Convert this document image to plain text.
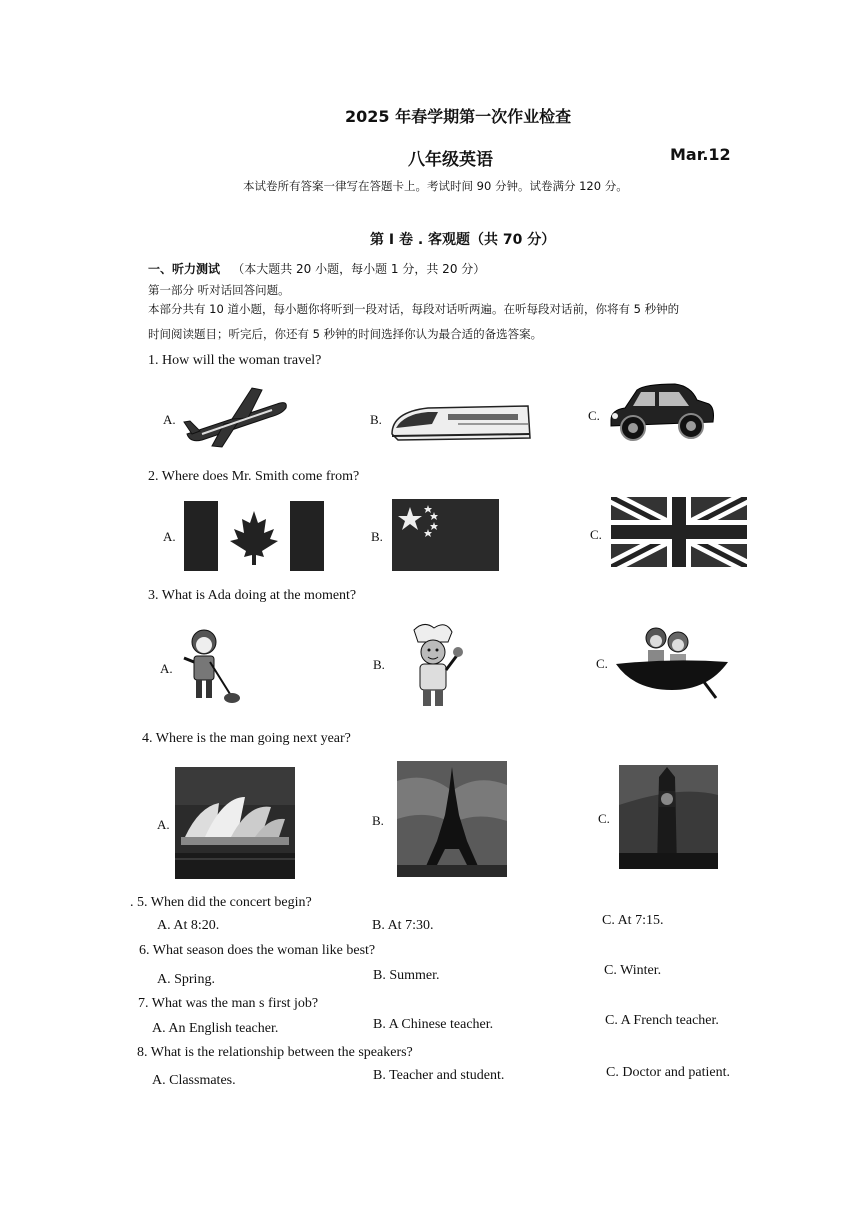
2025 年春学期第一次作业检查
八年级英语	Mar.12
本试卷所有答案一律写在答题卡上。考试时间 90 分钟。试卷满分 120 分。
第 Ⅰ 卷 . 客观题（共 70 分）
一、听力测试 （本大题共 20 小题，每小题 1 分，共 20 分）
第一部分 听对话回答问题。
本部分共有 10 道小题，每小题你将听到一段对话，每段对话听两遍。在听每段对话前，你将有 5 秒钟的
时间阅读题目；听完后，你还有 5 秒钟的时间选择你认为最合适的备选答案。
1. How will the woman travel?
A.	B.	C.
2. Where does Mr. Smith come from?
A.	B.	C.
3. What is Ada doing at the moment?
A.	B.	C.
4. Where is the man going next year?
A.	B.	C.
. 5. When did the concert begin?
A. At 8:20.	B. At 7:30.	C. At 7:15.
6. What season does the woman like best?
A. Spring.	B. Summer.	C. Winter.
7. What was the man s first job?
A. An English teacher.	B. A Chinese teacher.	C. A French teacher.
8. What is the relationship between the speakers?
A. Classmates.	B. Teacher and student.	C. Doctor and patient.
